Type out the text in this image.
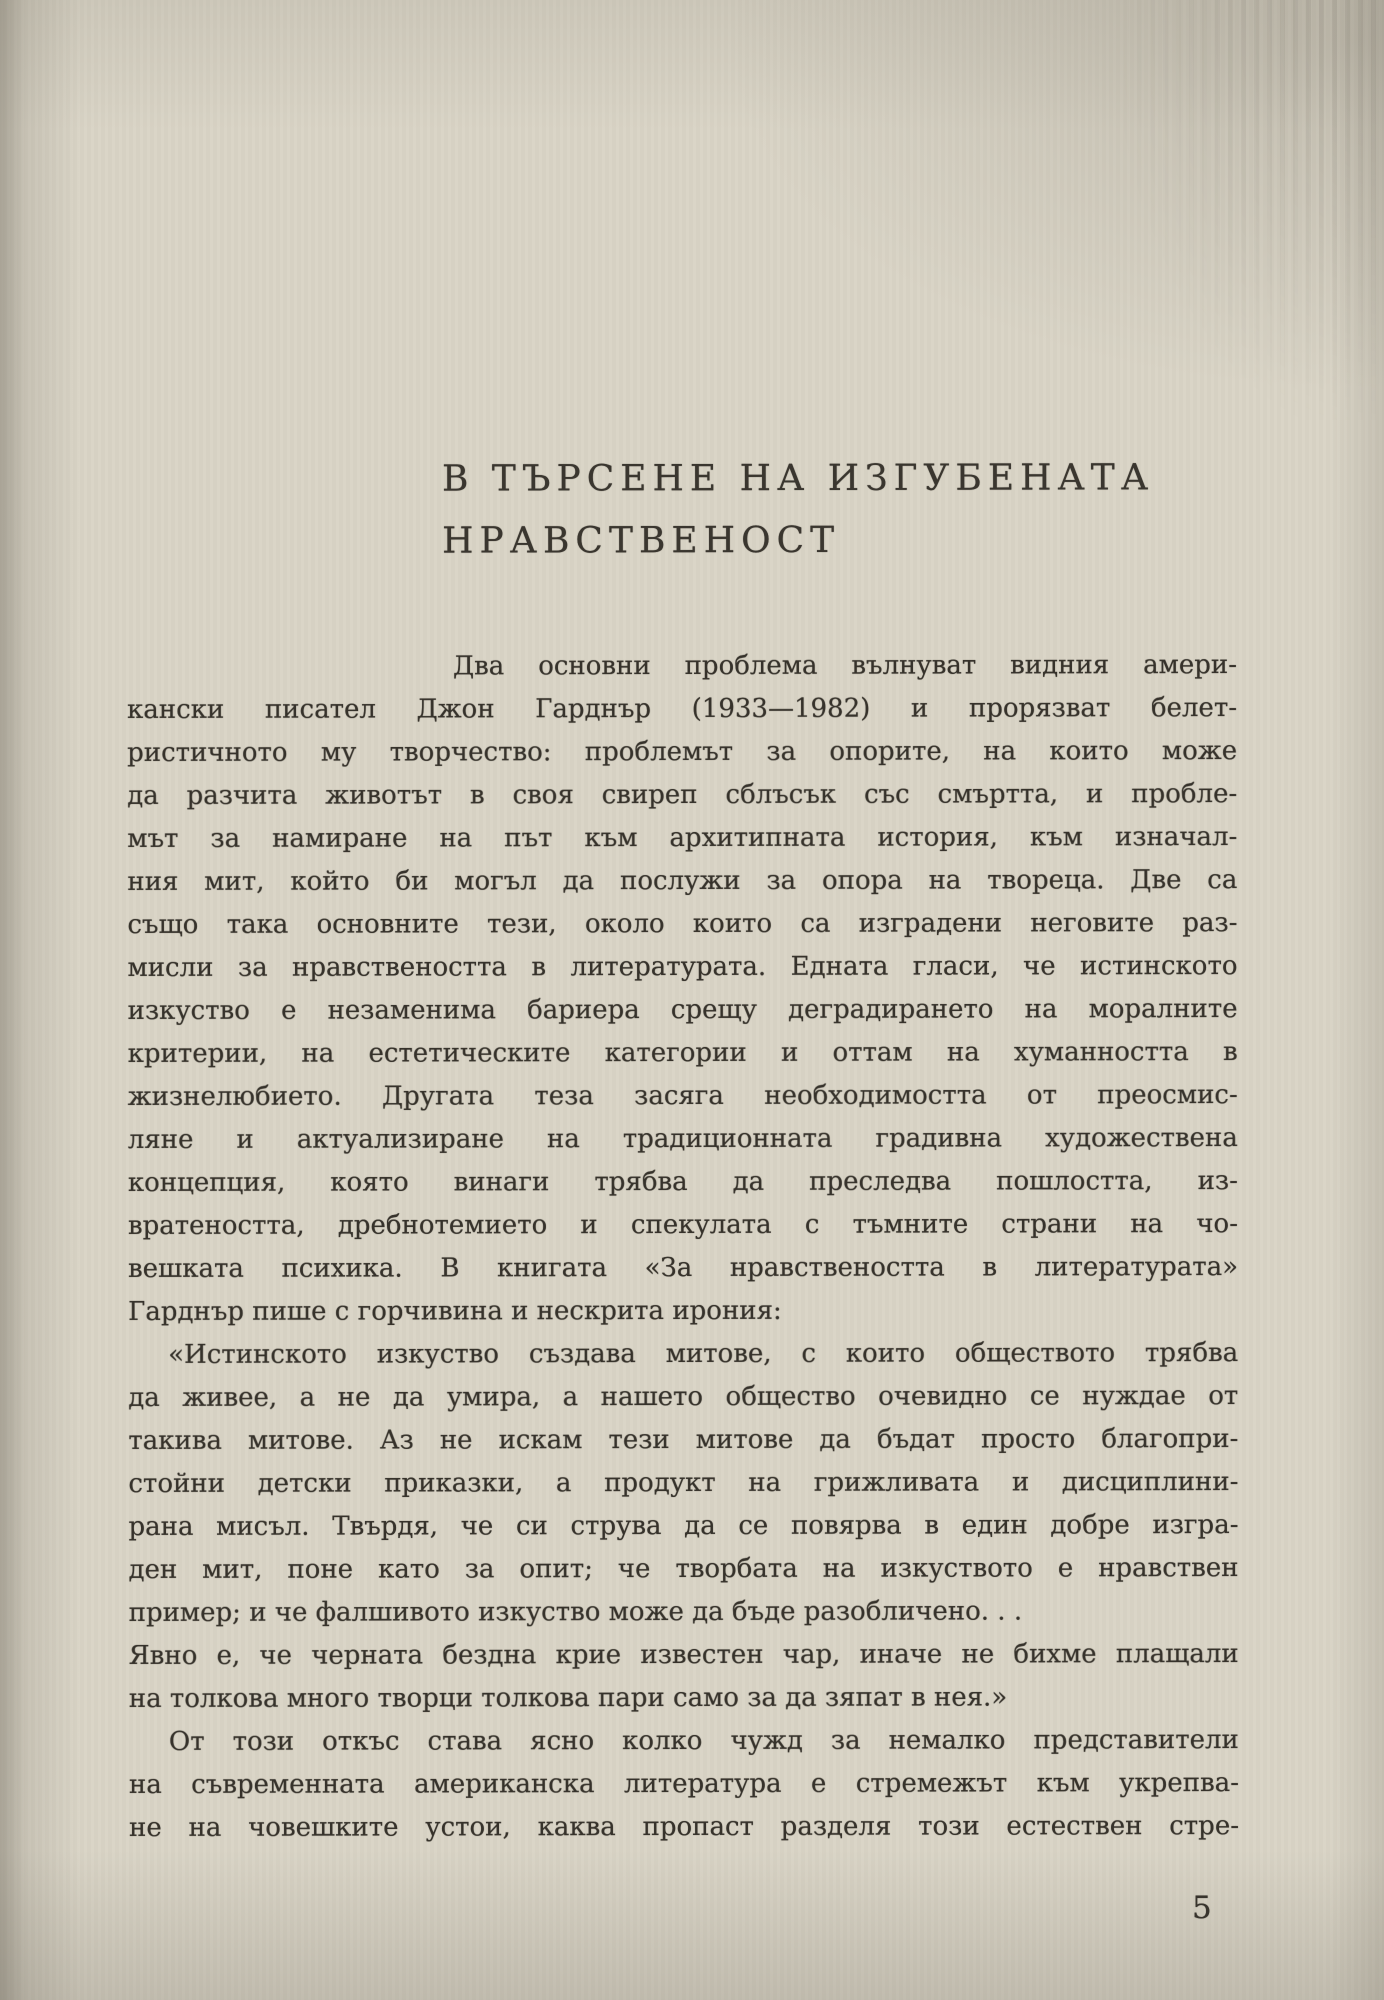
В ТЪРСЕНЕ НА ИЗГУБЕНАТА
НРАВСТВЕНОСТ
Два основни проблема вълнуват видния амери-
кански писател Джон Гарднър (1933—1982) и прорязват белет-
ристичното му творчество: проблемът за опорите, на които може
да разчита животът в своя свиреп сблъсък със смъртта, и пробле-
мът за намиране на път към архитипната история, към изначал-
ния мит, който би могъл да послужи за опора на твореца. Две са
също така основните тези, около които са изградени неговите раз-
мисли за нравствеността в литературата. Едната гласи, че истинското
изкуство е незаменима бариера срещу деградирането на моралните
критерии, на естетическите категории и оттам на хуманността в
жизнелюбието. Другата теза засяга необходимостта от преосмис-
ляне и актуализиране на традиционната градивна художествена
концепция, която винаги трябва да преследва пошлостта, из-
вратеността, дребнотемието и спекулата с тъмните страни на чо-
вешката психика. В книгата «За нравствеността в литературата»
Гарднър пише с горчивина и нескрита ирония:
«Истинското изкуство създава митове, с които обществото трябва
да живее, а не да умира, а нашето общество очевидно се нуждае от
такива митове. Аз не искам тези митове да бъдат просто благопри-
стойни детски приказки, а продукт на грижливата и дисциплини-
рана мисъл. Твърдя, че си струва да се повярва в един добре изгра-
ден мит, поне като за опит; че творбата на изкуството е нравствен
пример; и че фалшивото изкуство може да бъде разобличено. . .
Явно е, че черната бездна крие известен чар, иначе не бихме плащали
на толкова много творци толкова пари само за да зяпат в нея.»
От този откъс става ясно колко чужд за немалко представители
на съвременната американска литература е стремежът към укрепва-
не на човешките устои, каква пропаст разделя този естествен стре-
5
